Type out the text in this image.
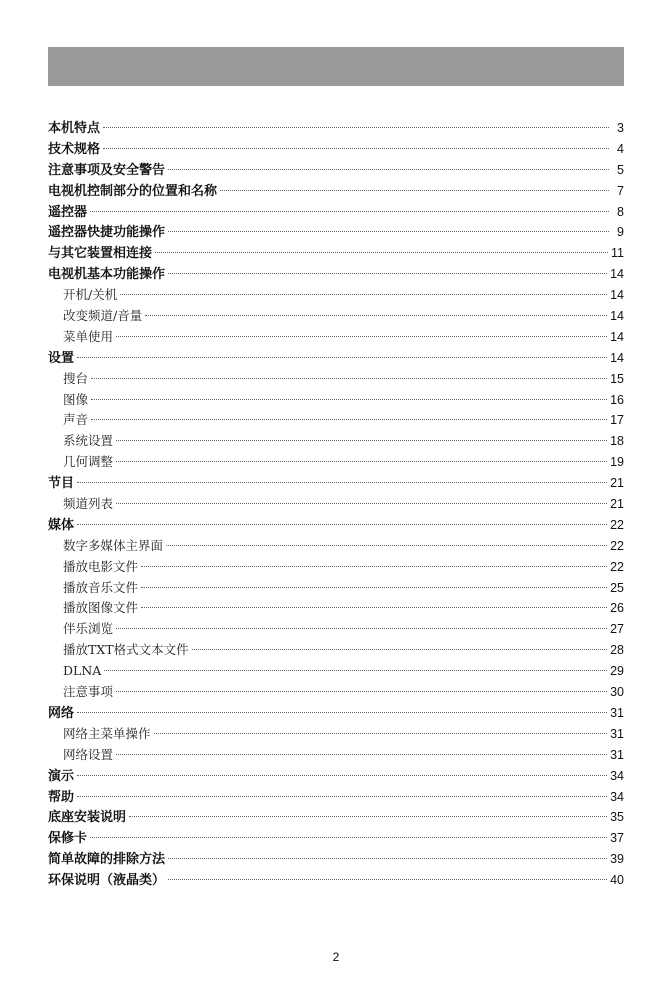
目   录

本机特点	3
技术规格	4
注意事项及安全警告	5
电视机控制部分的位置和名称	7
遥控器	8
遥控器快捷功能操作	9
与其它装置相连接	11
电视机基本功能操作	14
开机/关机	14
改变频道/音量	14
菜单使用	14
设置	14
搜台	15
图像	16
声音	17
系统设置	18
几何调整	19
节目	21
频道列表	21
媒体	22
数字多媒体主界面	22
播放电影文件	22
播放音乐文件	25
播放图像文件	26
伴乐浏览	27
播放TXT格式文本文件	28
DLNA	29
注意事项	30
网络	31
网络主菜单操作	31
网络设置	31
演示	34
帮助	34
底座安装说明	35
保修卡	37
简单故障的排除方法	39
环保说明（液晶类）	40
2
